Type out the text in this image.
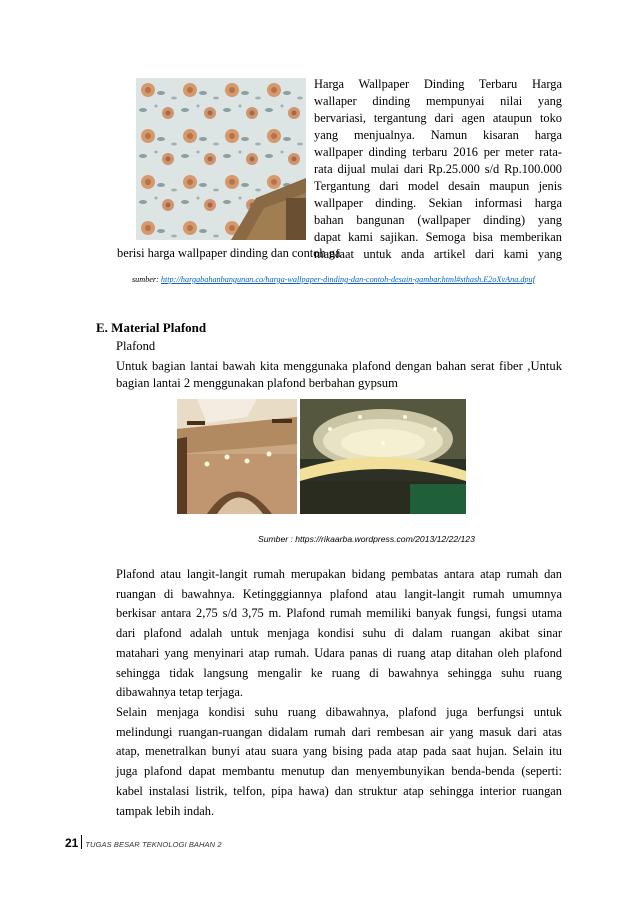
Harga Wallpaper Dinding Terbaru Harga

wallaper dinding mempunyai nilai yang

bervariasi, tergantung dari agen ataupun toko

yang menjualnya. Namun kisaran harga

wallpaper dinding terbaru 2016 per meter rata-

rata dijual mulai dari Rp.25.000 s/d Rp.100.000

Tergantung dari model desain maupun jenis

wallpaper dinding. Sekian informasi harga

bahan bangunan (wallpaper dinding) yang

dapat kami sajikan. Semoga bisa memberikan

manfaat untuk anda artikel dari kami yang

berisi harga wallpaper dinding dan contoh ga
sumber: http://hargabahanbangunan.co/harga-wallpaper-dinding-dan-contoh-desain-gambar.html#sthash.E2oXvAna.dpuf
E. Material Plafond
Plafond

Untuk bagian lantai bawah kita menggunaka plafond dengan bahan serat fiber ,Untuk

bagian lantai 2 menggunakan plafond berbahan gypsum

Sumber : https://rikaarba.wordpress.com/2013/12/22/123

Plafond atau langit-langit rumah merupakan bidang pembatas antara atap rumah dan

ruangan di bawahnya. Ketingggiannya plafond atau langit-langit rumah umumnya

berkisar antara 2,75 s/d 3,75 m. Plafond rumah memiliki banyak fungsi, fungsi utama

dari plafond adalah untuk menjaga kondisi suhu di dalam ruangan akibat sinar

matahari yang menyinari atap rumah. Udara panas di ruang atap ditahan oleh plafond

sehingga tidak langsung mengalir ke ruang di bawahnya sehingga suhu ruang

dibawahnya tetap terjaga.

Selain menjaga kondisi suhu ruang dibawahnya, plafond juga berfungsi untuk

melindungi ruangan-ruangan didalam rumah dari rembesan air yang masuk dari atas

atap, menetralkan bunyi atau suara yang bising pada atap pada saat hujan. Selain itu

juga plafond dapat membantu menutup dan menyembunyikan benda-benda (seperti:

kabel instalasi listrik, telfon, pipa hawa) dan struktur atap sehingga interior ruangan

tampak lebih indah.

21 TUGAS BESAR TEKNOLOGI BAHAN 2
